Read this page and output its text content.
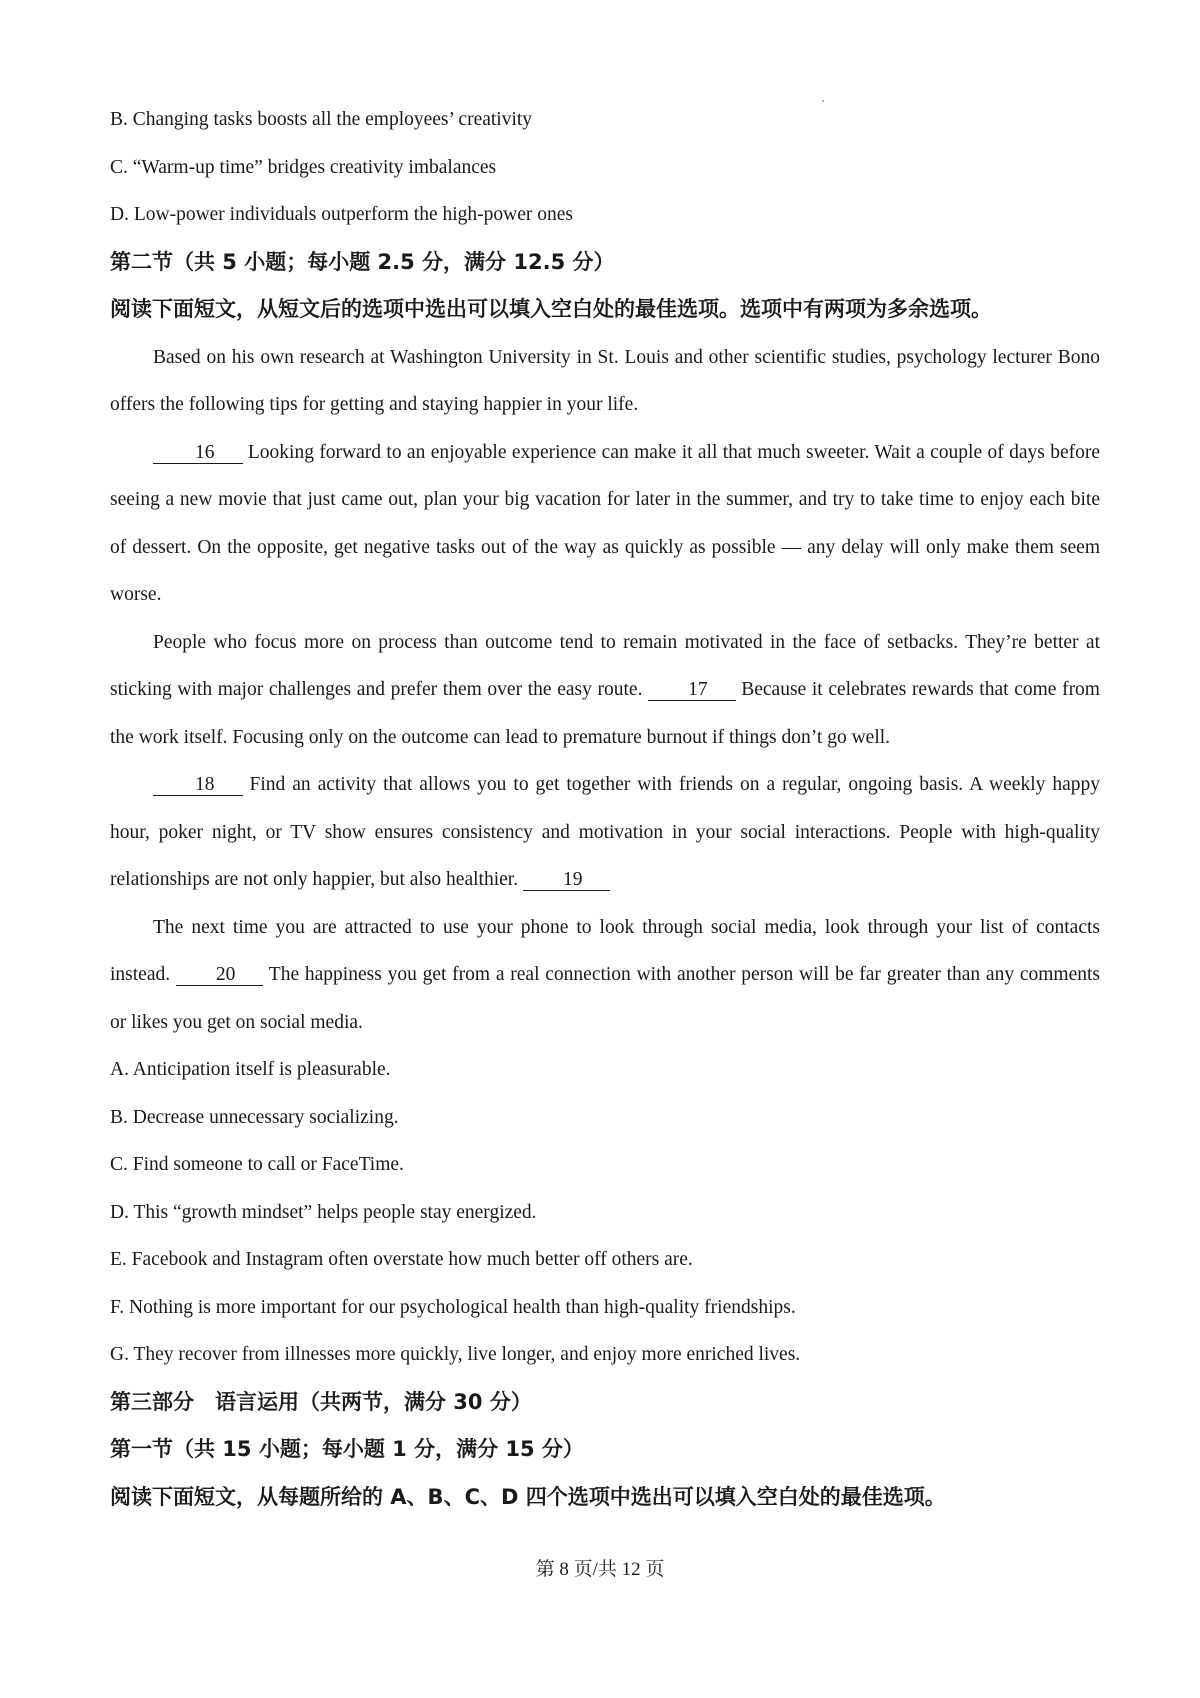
B. Changing tasks boosts all the employees’ creativity

C. “Warm-up time” bridges creativity imbalances

D. Low-power individuals outperform the high-power ones

第二节（共 5 小题；每小题 2.5 分，满分 12.5 分）

阅读下面短文，从短文后的选项中选出可以填入空白处的最佳选项。选项中有两项为多余选项。

Based on his own research at Washington University in St. Louis and other scientific studies, psychology lecturer Bono offers the following tips for getting and staying happier in your life.

16 Looking forward to an enjoyable experience can make it all that much sweeter. Wait a couple of days before seeing a new movie that just came out, plan your big vacation for later in the summer, and try to take time to enjoy each bite of dessert. On the opposite, get negative tasks out of the way as quickly as possible — any delay will only make them seem worse.

People who focus more on process than outcome tend to remain motivated in the face of setbacks. They’re better at sticking with major challenges and prefer them over the easy route. 17 Because it celebrates rewards that come from the work itself. Focusing only on the outcome can lead to premature burnout if things don’t go well.

18 Find an activity that allows you to get together with friends on a regular, ongoing basis. A weekly happy hour, poker night, or TV show ensures consistency and motivation in your social interactions. People with high-quality relationships are not only happier, but also healthier. 19

The next time you are attracted to use your phone to look through social media, look through your list of contacts instead. 20 The happiness you get from a real connection with another person will be far greater than any comments or likes you get on social media.

A. Anticipation itself is pleasurable.

B. Decrease unnecessary socializing.

C. Find someone to call or FaceTime.

D. This “growth mindset” helps people stay energized.

E. Facebook and Instagram often overstate how much better off others are.

F. Nothing is more important for our psychological health than high-quality friendships.

G. They recover from illnesses more quickly, live longer, and enjoy more enriched lives.

第三部分　语言运用（共两节，满分 30 分）

第一节（共 15 小题；每小题 1 分，满分 15 分）

阅读下面短文，从每题所给的 A、B、C、D 四个选项中选出可以填入空白处的最佳选项。

第 8 页/共 12 页
